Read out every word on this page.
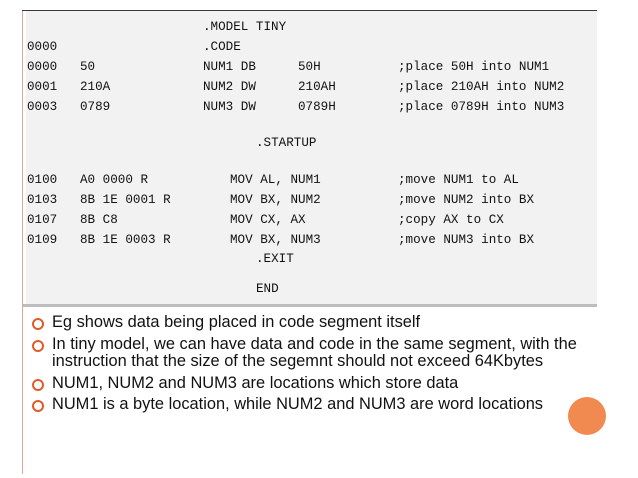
.MODEL TINY
0000	.CODE
0000 50	NUM1 DB	50H	;place 50H into NUM1
0001 210A	NUM2 DW	210AH	;place 210AH into NUM2
0003 0789	NUM3 DW	0789H	;place 0789H into NUM3
.STARTUP
0100 A0 0000 R	MOV AL, NUM1	;move NUM1 to AL
0103 8B 1E 0001 R	MOV BX, NUM2	;move NUM2 into BX
0107 8B C8	MOV CX, AX	;copy AX to CX
0109 8B 1E 0003 R	MOV BX, NUM3	;move NUM3 into BX
.EXIT
END
Eg shows data being placed in code segment itself
In tiny model, we can have data and code in the same segment, with the instruction that the size of the segemnt should not exceed 64Kbytes
NUM1, NUM2 and NUM3 are locations which store data
NUM1 is a byte location, while NUM2 and NUM3 are word locations
